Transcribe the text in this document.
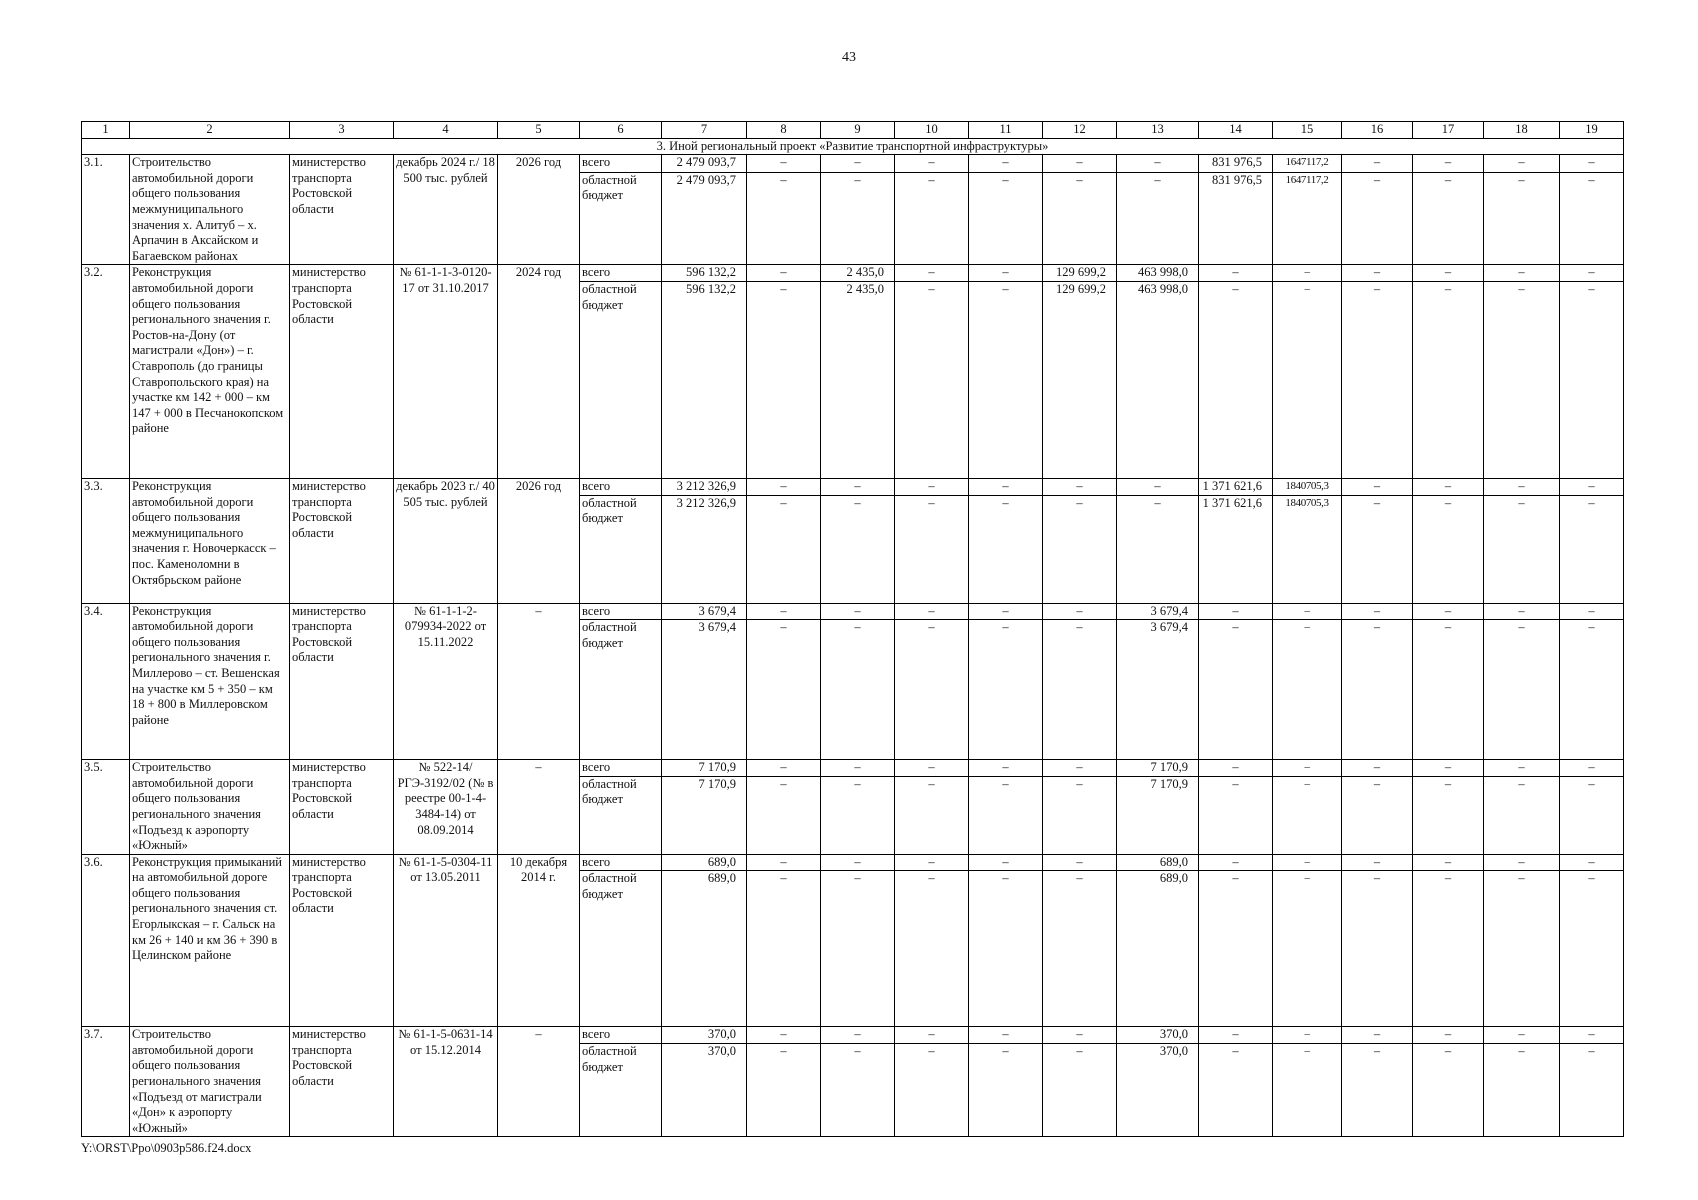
43
1	2	3	4	5	6	7	8	9	10	11	12	13	14	15	16	17	18	19
3. Иной региональный проект «Развитие транспортной инфраструктуры»																		
3.1.	Строительство автомобильной дороги общего пользования межмуниципального значения х. Алитуб – х. Арпачин в Аксайском и Багаевском районах	министерство транспорта Ростовской области	декабрь 2024 г./ 18 500 тыс. рублей	2026 год	всего	2 479 093,7	–	–	–	–	–	–	831 976,5	1647117,2	–	–	–	–
					областной бюджет	2 479 093,7	–	–	–	–	–	–	831 976,5	1647117,2	–	–	–	–
3.2.	Реконструкция автомобильной дороги общего пользования регионального значения г. Ростов-на-Дону (от магистрали «Дон») – г. Ставрополь (до границы Ставропольского края) на участке км 142 + 000 – км 147 + 000 в Песчанокопском районе	министерство транспорта Ростовской области	№ 61-1-1-3-0120-17 от 31.10.2017	2024 год	всего	596 132,2	–	2 435,0	–	–	129 699,2	463 998,0	–	–	–	–	–	–
					областной бюджет	596 132,2	–	2 435,0	–	–	129 699,2	463 998,0	–	–	–	–	–	–
3.3.	Реконструкция автомобильной дороги общего пользования межмуниципального значения г. Новочеркасск – пос. Каменоломни в Октябрьском районе	министерство транспорта Ростовской области	декабрь 2023 г./ 40 505 тыс. рублей	2026 год	всего	3 212 326,9	–	–	–	–	–	–	1 371 621,6	1840705,3	–	–	–	–
					областной бюджет	3 212 326,9	–	–	–	–	–	–	1 371 621,6	1840705,3	–	–	–	–
3.4.	Реконструкция автомобильной дороги общего пользования регионального значения г. Миллерово – ст. Вешенская на участке км 5 + 350 – км 18 + 800 в Миллеровском районе	министерство транспорта Ростовской области	№ 61-1-1-2-079934-2022 от 15.11.2022	–	всего	3 679,4	–	–	–	–	–	3 679,4	–	–	–	–	–	–
					областной бюджет	3 679,4	–	–	–	–	–	3 679,4	–	–	–	–	–	–
3.5.	Строительство автомобильной дороги общего пользования регионального значения «Подъезд к аэропорту «Южный»	министерство транспорта Ростовской области	№ 522-14/РГЭ-3192/02 (№ в реестре 00-1-4-3484-14) от 08.09.2014	–	всего	7 170,9	–	–	–	–	–	7 170,9	–	–	–	–	–	–
					областной бюджет	7 170,9	–	–	–	–	–	7 170,9	–	–	–	–	–	–
3.6.	Реконструкция примыканий на автомобильной дороге общего пользования регионального значения ст. Егорлыкская – г. Сальск на км 26 + 140 и км 36 + 390 в Целинском районе	министерство транспорта Ростовской области	№ 61-1-5-0304-11 от 13.05.2011	10 декабря 2014 г.	всего	689,0	–	–	–	–	–	689,0	–	–	–	–	–	–
					областной бюджет	689,0	–	–	–	–	–	689,0	–	–	–	–	–	–
3.7.	Строительство автомобильной дороги общего пользования регионального значения «Подъезд от магистрали «Дон» к аэропорту «Южный»	министерство транспорта Ростовской области	№ 61-1-5-0631-14 от 15.12.2014	–	всего	370,0	–	–	–	–	–	370,0	–	–	–	–	–	–
					областной бюджет	370,0	–	–	–	–	–	370,0	–	–	–	–	–	–
Y:\ORST\Ppo\0903p586.f24.docx
